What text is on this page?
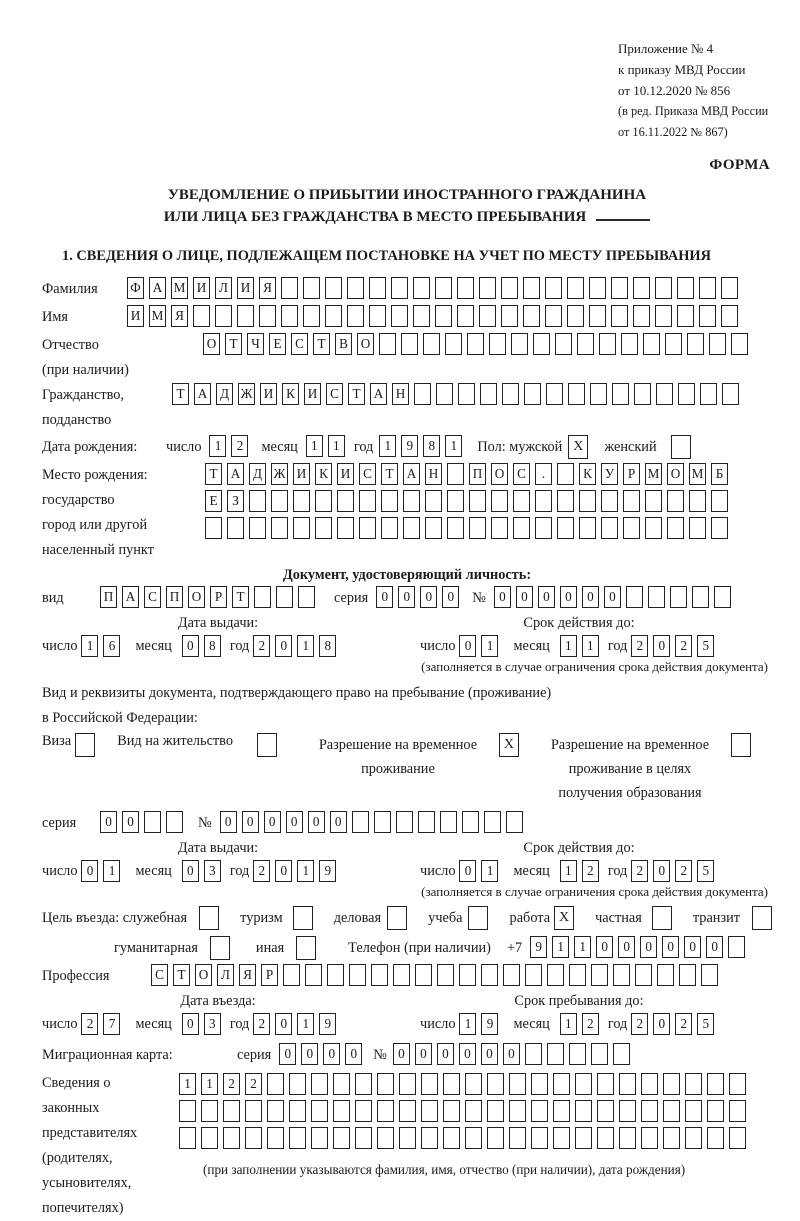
Приложение № 4
к приказу МВД России
от 10.12.2020 № 856
(в ред. Приказа МВД России
от 16.11.2022 № 867)
ФОРМА
УВЕДОМЛЕНИЕ О ПРИБЫТИИ ИНОСТРАННОГО ГРАЖДАНИНА
ИЛИ ЛИЦА БЕЗ ГРАЖДАНСТВА В МЕСТО ПРЕБЫВАНИЯ
1. СВЕДЕНИЯ О ЛИЦЕ, ПОДЛЕЖАЩЕМ ПОСТАНОВКЕ НА УЧЕТ ПО МЕСТУ ПРЕБЫВАНИЯ
Фамилия	Ф А М И Л И Я
Имя	И М Я
Отчество
(при наличии)
О	Т	Ч	Е	С	Т	В О
Гражданство,
подданство
Т	А Д Ж И К И С	Т	А Н
Дата рождения:	число	1	2	месяц	1	1 год 1	9	8	1	Пол: мужской X	женский
Место рождения:
государство
город или другой
населенный пункт
Т	А Д Ж И К И С	Т	А Н	П О С	.	К У	Р М О М Б
Е	З
Документ, удостоверяющий личность:
вид	П А С П О	Р	Т	серия	0	0	0	0	№	0	0	0	0	0	0
Дата выдачи:
число 1	6	месяц	0	8 год 2	0	1	8
Срок действия до:
число 0	1	месяц	1	1 год 2	0	2	5
(заполняется в случае ограничения срока действия документа)
Вид и реквизиты документа, подтверждающего право на пребывание (проживание)
в Российской Федерации:
Виза	Вид на жительство	Разрешение на временное
проживание
X	Разрешение на временное
проживание в целях
получения образования
серия	0	0	№	0	0	0	0	0	0
Дата выдачи:
число 0	1	месяц	0	3 год 2	0	1	9
Срок действия до:
число 0	1	месяц	1	2 год 2	0	2	5
(заполняется в случае ограничения срока действия документа)
Цель въезда: служебная	туризм	деловая	учеба	работа X	частная	транзит
гуманитарная	иная	Телефон (при наличии) +7	9	1	1	0	0	0	0	0	0
Профессия	С	Т	О Л Я	Р
Дата въезда:
число 2	7	месяц	0	3 год 2	0	1	9
Срок пребывания до:
число 1	9	месяц	1	2 год 2	0	2	5
Миграционная карта:	серия	0	0	0	0	№ 0	0	0	0	0	0
Сведения о
законных
представителях
(родителях,
усыновителях,
попечителях)
1	1	2	2
(при заполнении указываются фамилия, имя, отчество (при наличии), дата рождения)
